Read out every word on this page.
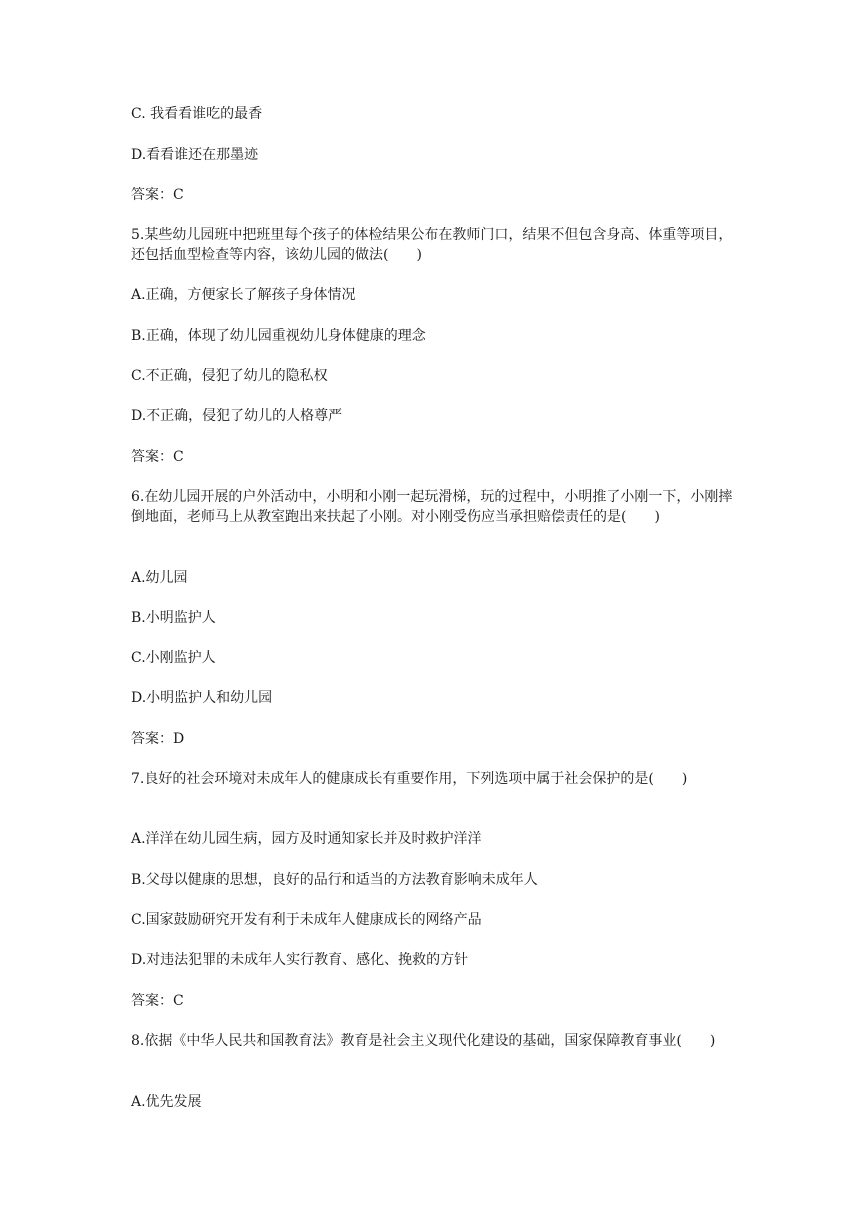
C. 我看看谁吃的最香
D.看看谁还在那墨迹
答案：C
5.某些幼儿园班中把班里每个孩子的体检结果公布在教师门口，结果不但包含身高、体重等项目，还包括血型检查等内容，该幼儿园的做法(　　)
A.正确，方便家长了解孩子身体情况
B.正确，体现了幼儿园重视幼儿身体健康的理念
C.不正确，侵犯了幼儿的隐私权
D.不正确，侵犯了幼儿的人格尊严
答案：C
6.在幼儿园开展的户外活动中，小明和小刚一起玩滑梯，玩的过程中，小明推了小刚一下，小刚摔倒地面，老师马上从教室跑出来扶起了小刚。对小刚受伤应当承担赔偿责任的是(　　)
A.幼儿园
B.小明监护人
C.小刚监护人
D.小明监护人和幼儿园
答案：D
7.良好的社会环境对未成年人的健康成长有重要作用，下列选项中属于社会保护的是(　　)
A.洋洋在幼儿园生病，园方及时通知家长并及时救护洋洋
B.父母以健康的思想，良好的品行和适当的方法教育影响未成年人
C.国家鼓励研究开发有利于未成年人健康成长的网络产品
D.对违法犯罪的未成年人实行教育、感化、挽救的方针
答案：C
8.依据《中华人民共和国教育法》教育是社会主义现代化建设的基础，国家保障教育事业(　　)
A.优先发展
